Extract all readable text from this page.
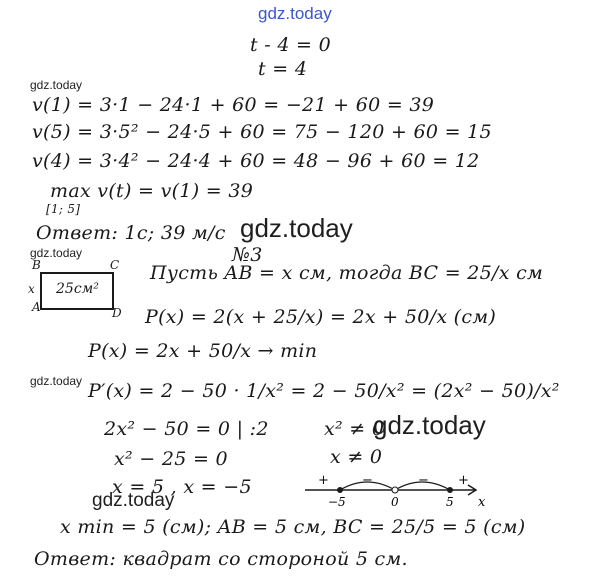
gdz.today
gdz.today
gdz.today
gdz.today
gdz.today
gdz.today
gdz.today
t - 4 = 0
t = 4
v(1) = 3·1 − 24·1 + 60 = −21 + 60 = 39
v(5) = 3·5² − 24·5 + 60 = 75 − 120 + 60 = 15
v(4) = 3·4² − 24·4 + 60 = 48 − 96 + 60 = 12
max v(t) = v(1) = 39
[1; 5]
Ответ: 1c; 39 м/с
№3
B	C
A	D
x 25см²
Пусть AB = x см, тогда BC = 25/x см
P(x) = 2(x + 25/x) = 2x + 50/x (см)
P(x) = 2x + 50/x → min
P′(x) = 2 − 50 · 1/x² = 2 − 50/x² = (2x² − 50)/x²
2x² − 50 = 0 | :2	x² ≠ 0
x² − 25 = 0	x ≠ 0
x = 5 , x = −5	+	−	− +
−5	0	5 x
x min = 5 (см); AB = 5 см, BC = 25/5 = 5 (см)
Ответ: квадрат со стороной 5 см.
